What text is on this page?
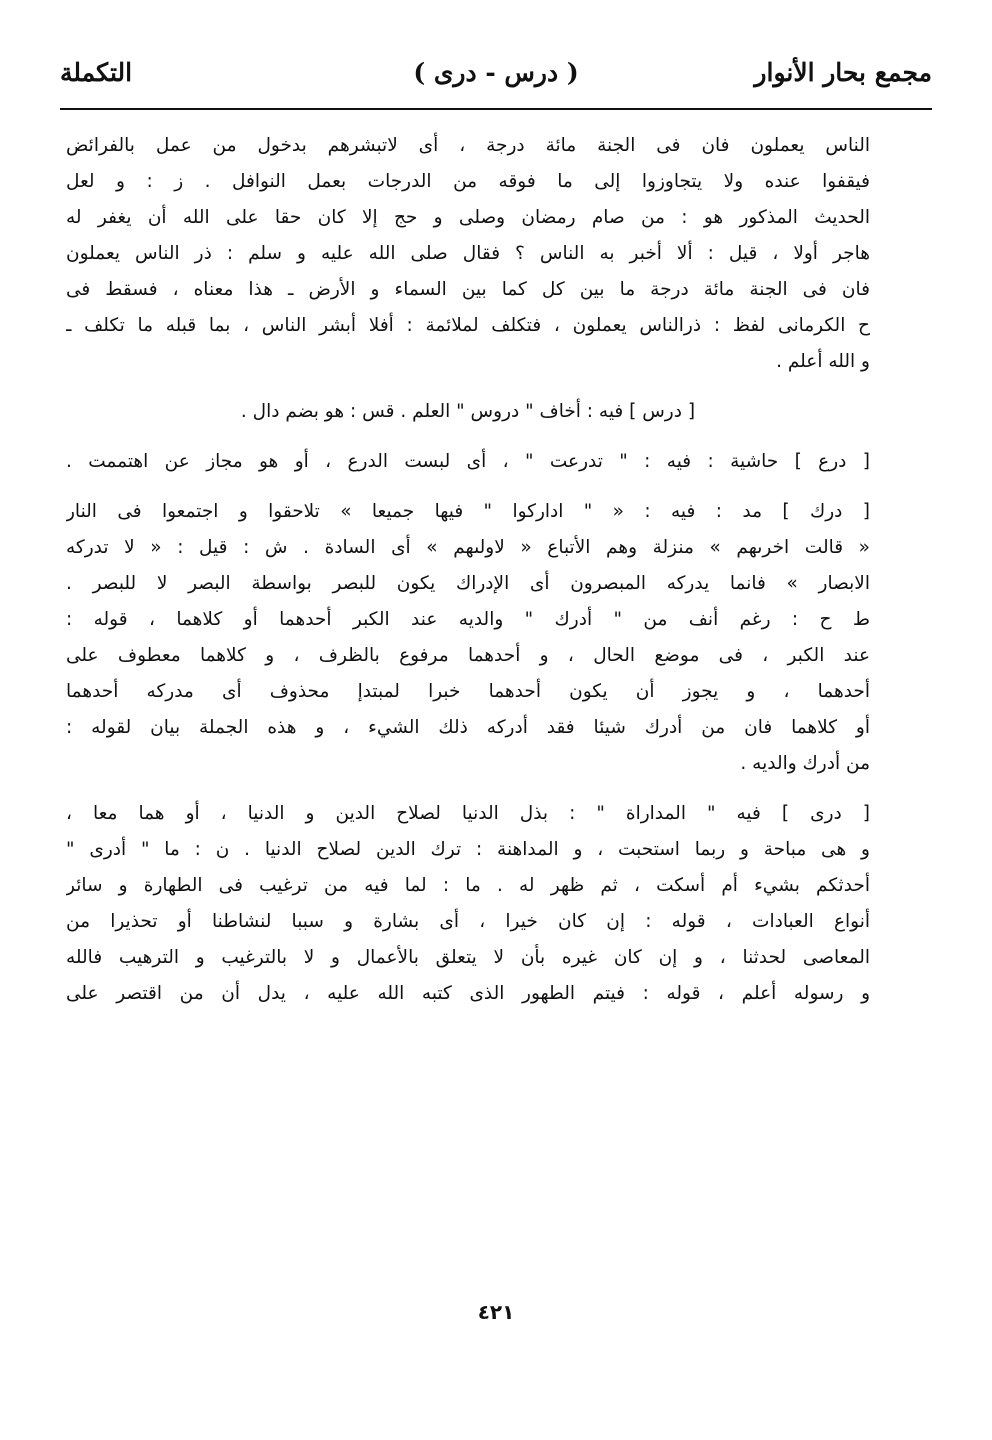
مجمع بحار الأنوار
( درس - درى )
التكملة

الناس يعملون فان فى الجنة مائة درجة ، أى لاتبشرهم بدخول من عمل بالفرائض
فيقفوا عنده ولا يتجاوزوا إلى ما فوقه من الدرجات بعمل النوافل . ز : و لعل
الحديث المذكور هو : من صام رمضان وصلى و حج إلا كان حقا على الله أن يغفر له
هاجر أولا ، قيل : ألا أخبر به الناس ؟ فقال صلى الله عليه و سلم : ذر الناس يعملون
فان فى الجنة مائة درجة ما بين كل كما بين السماء و الأرض ـ هذا معناه ، فسقط فى
ح الكرمانى لفظ : ذرالناس يعملون ، فتكلف لملائمة : أفلا أبشر الناس ، بما قبله ما تكلف ـ
و الله أعلم .

[ درس ] فيه : أخاف " دروس " العلم . قس : هو بضم دال .

[ درع ] حاشية : فيه : " تدرعت " ، أى لبست الدرع ، أو هو مجاز عن اهتممت .

[ درك ] مد : فيه : « " اداركوا " فيها جميعا » تلاحقوا و اجتمعوا فى النار

« قالت اخرىهم » منزلة وهم الأتباع « لاولىهم » أى السادة . ش : قيل : « لا تدركه
الابصار » فانما يدركه المبصرون أى الإدراك يكون للبصر بواسطة البصر لا للبصر .
ط ح : رغم أنف من " أدرك " والديه عند الكبر أحدهما أو كلاهما ، قوله :
عند الكبر ، فى موضع الحال ، و أحدهما مرفوع بالظرف ، و كلاهما معطوف على
أحدهما ، و يجوز أن يكون أحدهما خبرا لمبتدإ محذوف أى مدركه أحدهما
أو كلاهما فان من أدرك شيئا فقد أدركه ذلك الشيء ، و هذه الجملة بيان لقوله :
من أدرك والديه .

[ درى ] فيه " المداراة " : بذل الدنيا لصلاح الدين و الدنيا ، أو هما معا ،
و هى مباحة و ربما استحبت ، و المداهنة : ترك الدين لصلاح الدنيا . ن : ما " أدرى "
أحدثكم بشيء أم أسكت ، ثم ظهر له . ما : لما فيه من ترغيب فى الطهارة و سائر
أنواع العبادات ، قوله : إن كان خيرا ، أى بشارة و سببا لنشاطنا أو تحذيرا من
المعاصى لحدثنا ، و إن كان غيره بأن لا يتعلق بالأعمال و لا بالترغيب و الترهيب فالله
و رسوله أعلم ، قوله : فيتم الطهور الذى كتبه الله عليه ، يدل أن من اقتصر على

٤٢١
